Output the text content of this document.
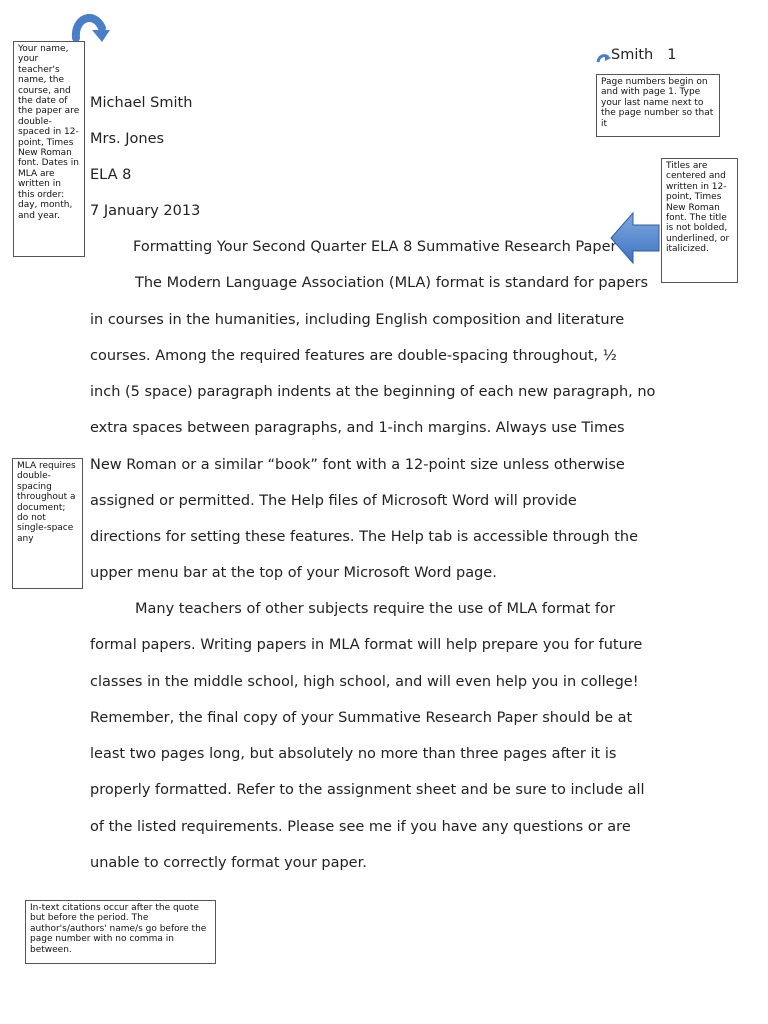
Smith 1
Michael Smith
Mrs. Jones
ELA 8
7 January 2013
Formatting Your Second Quarter ELA 8 Summative Research Paper
The Modern Language Association (MLA) format is standard for papers
in courses in the humanities, including English composition and literature
courses. Among the required features are double-spacing throughout, ½
inch (5 space) paragraph indents at the beginning of each new paragraph, no
extra spaces between paragraphs, and 1-inch margins. Always use Times
New Roman or a similar “book” font with a 12-point size unless otherwise
assigned or permitted. The Help files of Microsoft Word will provide
directions for setting these features. The Help tab is accessible through the
upper menu bar at the top of your Microsoft Word page.
Many teachers of other subjects require the use of MLA format for
formal papers. Writing papers in MLA format will help prepare you for future
classes in the middle school, high school, and will even help you in college!
Remember, the final copy of your Summative Research Paper should be at
least two pages long, but absolutely no more than three pages after it is
properly formatted. Refer to the assignment sheet and be sure to include all
of the listed requirements. Please see me if you have any questions or are
unable to correctly format your paper.
Your name, your teacher's name, the course, and the date of the paper are double-spaced in 12-point, Times New Roman font. Dates in MLA are written in this order: day, month, and year.
Page numbers begin on and with page 1. Type your last name next to the page number so that it
Titles are centered and written in 12-point, Times New Roman font. The title is not bolded, underlined, or italicized.
MLA requires double-spacing throughout a document; do not single-space any
In-text citations occur after the quote but before the period. The author's/authors' name/s go before the page number with no comma in between.
